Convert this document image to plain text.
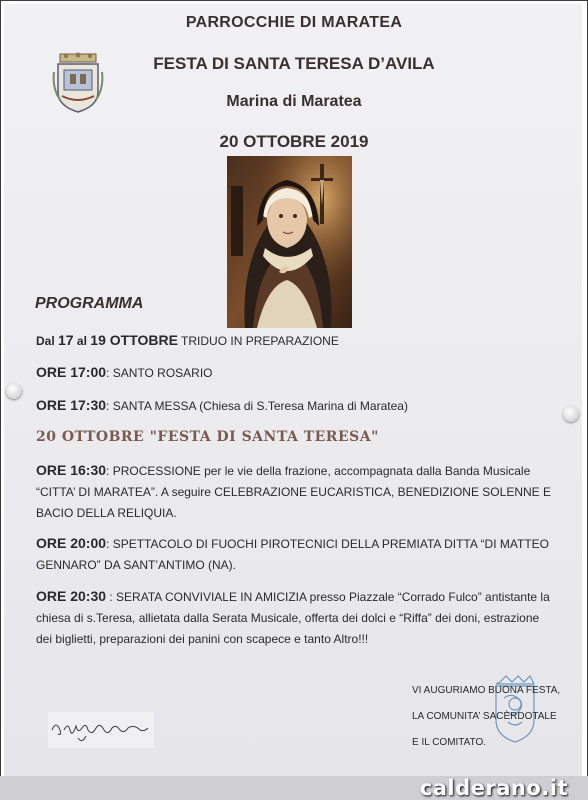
PARROCCHIE DI MARATEA
FESTA DI SANTA TERESA D’AVILA
Marina di Maratea
20 OTTOBRE 2019
PROGRAMMA
Dal 17 al 19 OTTOBRE TRIDUO IN PREPARAZIONE
ORE 17:00: SANTO ROSARIO
ORE 17:30: SANTA MESSA (Chiesa di S.Teresa Marina di Maratea)
20 OTTOBRE "FESTA DI SANTA TERESA"
ORE 16:30: PROCESSIONE per le vie della frazione, accompagnata dalla Banda Musicale “CITTA’ DI MARATEA”. A seguire CELEBRAZIONE EUCARISTICA, BENEDIZIONE SOLENNE E BACIO DELLA RELIQUIA.
ORE 20:00: SPETTACOLO DI FUOCHI PIROTECNICI DELLA PREMIATA DITTA “DI MATTEO GENNARO” DA SANT’ANTIMO (NA).
ORE 20:30 : SERATA CONVIVIALE IN AMICIZIA presso Piazzale “Corrado Fulco” antistante la chiesa di s.Teresa, allietata dalla Serata Musicale, offerta dei dolci e “Riffa” dei doni, estrazione dei biglietti, preparazioni dei panini con scapece e tanto Altro!!!
VI AUGURIAMO BUONA FESTA,
LA COMUNITA’ SACERDOTALE
E IL COMITATO.
calderano.it
